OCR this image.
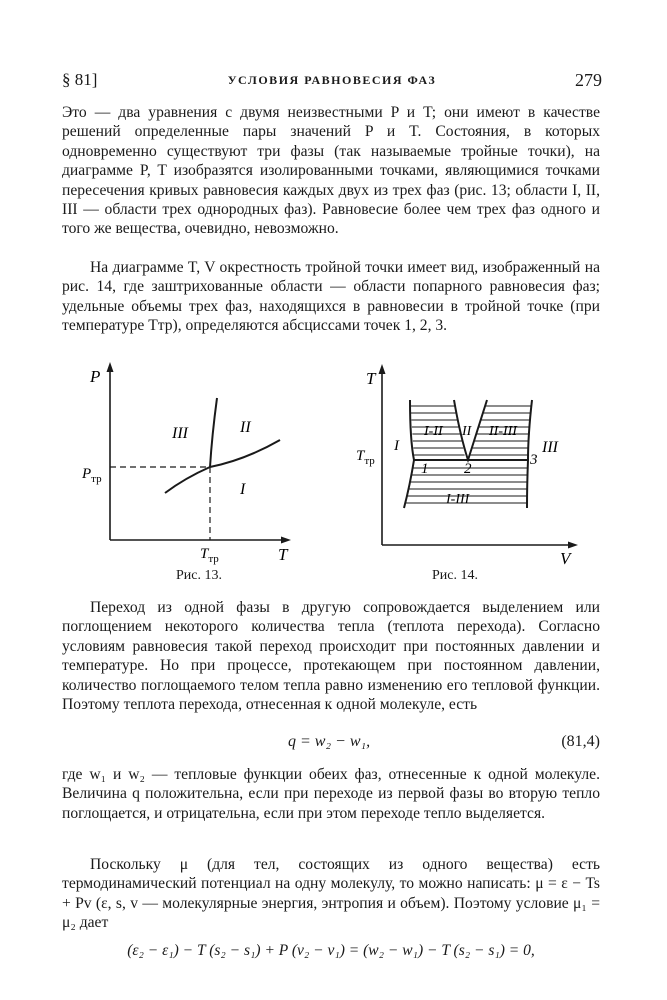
§ 81]	УСЛОВИЯ РАВНОВЕСИЯ ФАЗ	279

Это — два уравнения с двумя неизвестными P и T; они имеют в качестве решений определенные пары значений P и T. Состояния, в которых одновременно существуют три фазы (так называемые тройные точки), на диаграмме P, T изобразятся изолированными точками, являющимися точками пересечения кривых равновесия каждых двух из трех фаз (рис. 13; области I, II, III — области трех однородных фаз). Равновесие более чем трех фаз одного и того же вещества, очевидно, невозможно.

На диаграмме T, V окрестность тройной точки имеет вид, изображенный на рис. 14, где заштрихованные области — области попарного равновесия фаз; удельные объемы трех фаз, находящихся в равновесии в тройной точке (при температуре Tтр), определяются абсциссами точек 1, 2, 3.

P
T
$P_{тр}$
$T_{тр}$
III	II
I
Рис. 13.
T
V
$T_{тр}$
I-II II II-III
I-III
I	III
1 2
3
Рис. 14.

Переход из одной фазы в другую сопровождается выделением или поглощением некоторого количества тепла (теплота перехода). Согласно условиям равновесия такой переход происходит при постоянных давлении и температуре. Но при процессе, протекающем при постоянном давлении, количество поглощаемого телом тепла равно изменению его тепловой функции. Поэтому теплота перехода, отнесенная к одной молекуле, есть

q = w₂ − w₁,	(81,4)

где w₁ и w₂ — тепловые функции обеих фаз, отнесенные к одной молекуле. Величина q положительна, если при переходе из первой фазы во вторую тепло поглощается, и отрицательна, если при этом переходе тепло выделяется.

Поскольку μ (для тел, состоящих из одного вещества) есть термодинамический потенциал на одну молекулу, то можно написать: μ = ε − Ts + Pv (ε, s, v — молекулярные энергия, энтропия и объем). Поэтому условие μ₁ = μ₂ дает

(ε₂ − ε₁) − T (s₂ − s₁) + P (v₂ − v₁) = (w₂ − w₁) − T (s₂ − s₁) = 0,
